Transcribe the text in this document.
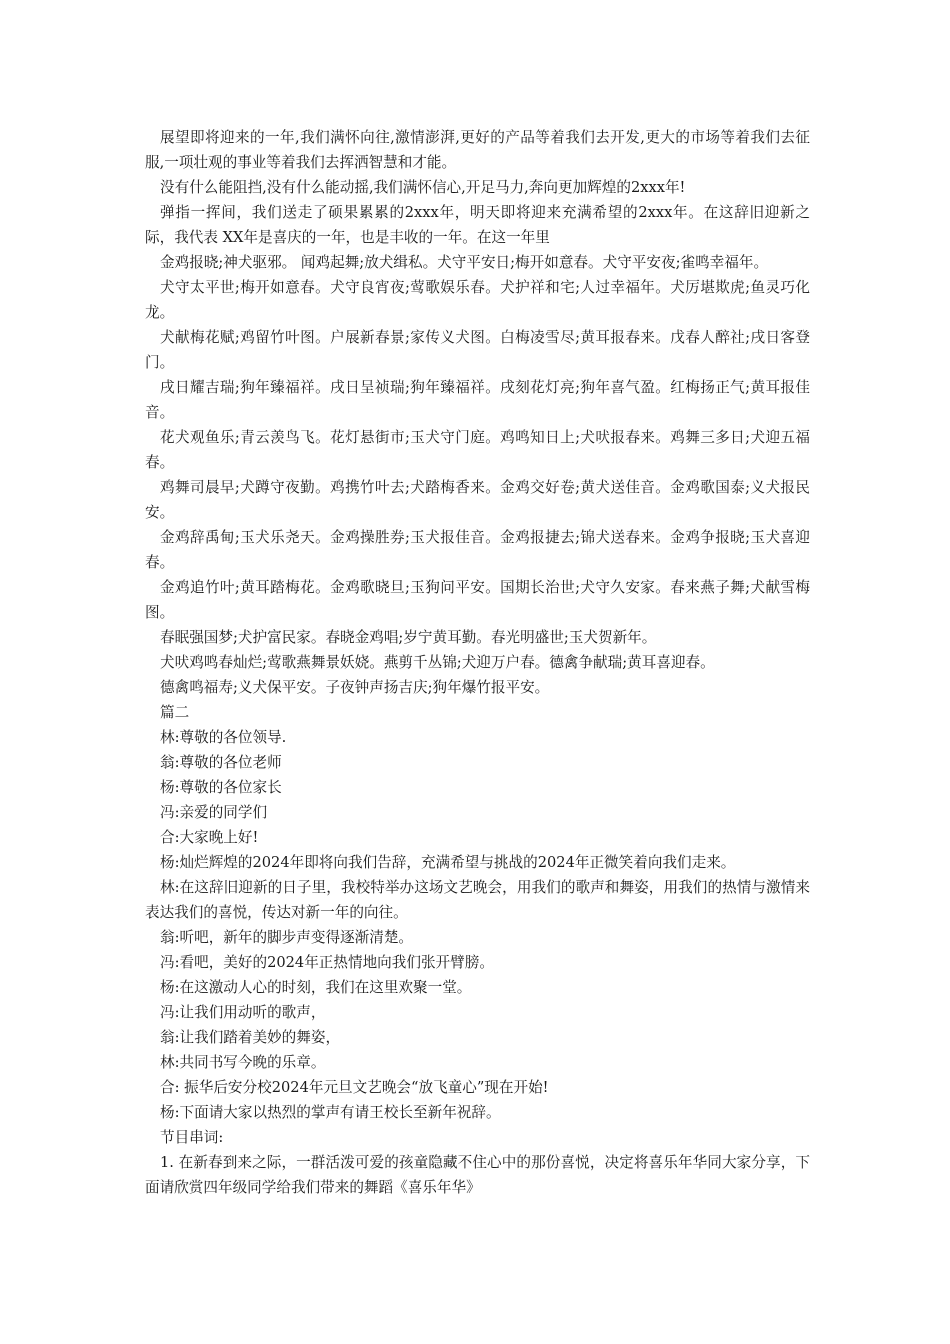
展望即将迎来的一年,我们满怀向往,激情澎湃,更好的产品等着我们去开发,更大的市场等着我们去征服,一项壮观的事业等着我们去挥洒智慧和才能。

没有什么能阻挡,没有什么能动摇,我们满怀信心,开足马力,奔向更加辉煌的2xxx年!

弹指一挥间，我们送走了硕果累累的2xxx年，明天即将迎来充满希望的2xxx年。在这辞旧迎新之际，我代表 XX年是喜庆的一年，也是丰收的一年。在这一年里

金鸡报晓;神犬驱邪。 闻鸡起舞;放犬缉私。犬守平安日;梅开如意春。犬守平安夜;雀鸣幸福年。

犬守太平世;梅开如意春。犬守良宵夜;莺歌娱乐春。犬护祥和宅;人过幸福年。犬厉堪欺虎;鱼灵巧化龙。

犬献梅花赋;鸡留竹叶图。户展新春景;家传义犬图。白梅凌雪尽;黄耳报春来。戊春人醉社;戌日客登门。

戌日耀吉瑞;狗年臻福祥。戌日呈祯瑞;狗年臻福祥。戌刻花灯亮;狗年喜气盈。红梅扬正气;黄耳报佳音。

花犬观鱼乐;青云羡鸟飞。花灯悬街市;玉犬守门庭。鸡鸣知日上;犬吠报春来。鸡舞三多日;犬迎五福春。

鸡舞司晨早;犬蹲守夜勤。鸡携竹叶去;犬踏梅香来。金鸡交好卷;黄犬送佳音。金鸡歌国泰;义犬报民安。

金鸡辞禹甸;玉犬乐尧天。金鸡操胜券;玉犬报佳音。金鸡报捷去;锦犬送春来。金鸡争报晓;玉犬喜迎春。

金鸡追竹叶;黄耳踏梅花。金鸡歌晓旦;玉狗问平安。国期长治世;犬守久安家。春来燕子舞;犬献雪梅图。

春眠强国梦;犬护富民家。春晓金鸡唱;岁宁黄耳勤。春光明盛世;玉犬贺新年。

犬吠鸡鸣春灿烂;莺歌燕舞景妖娆。燕剪千丛锦;犬迎万户春。德禽争献瑞;黄耳喜迎春。

德禽鸣福寿;义犬保平安。子夜钟声扬吉庆;狗年爆竹报平安。

篇二

林:尊敬的各位领导.

翁:尊敬的各位老师

杨:尊敬的各位家长

冯:亲爱的同学们

合:大家晚上好!

杨:灿烂辉煌的2024年即将向我们告辞，充满希望与挑战的2024年正微笑着向我们走来。

林:在这辞旧迎新的日子里，我校特举办这场文艺晚会，用我们的歌声和舞姿，用我们的热情与激情来表达我们的喜悦，传达对新一年的向往。

翁:听吧，新年的脚步声变得逐渐清楚。

冯:看吧，美好的2024年正热情地向我们张开臂膀。

杨:在这激动人心的时刻，我们在这里欢聚一堂。

冯:让我们用动听的歌声，

翁:让我们踏着美妙的舞姿，

林:共同书写今晚的乐章。

合: 振华后安分校2024年元旦文艺晚会“放飞童心”现在开始!

杨:下面请大家以热烈的掌声有请王校长至新年祝辞。

节目串词:

1. 在新春到来之际，一群活泼可爱的孩童隐藏不住心中的那份喜悦，决定将喜乐年华同大家分享，下面请欣赏四年级同学给我们带来的舞蹈《喜乐年华》
